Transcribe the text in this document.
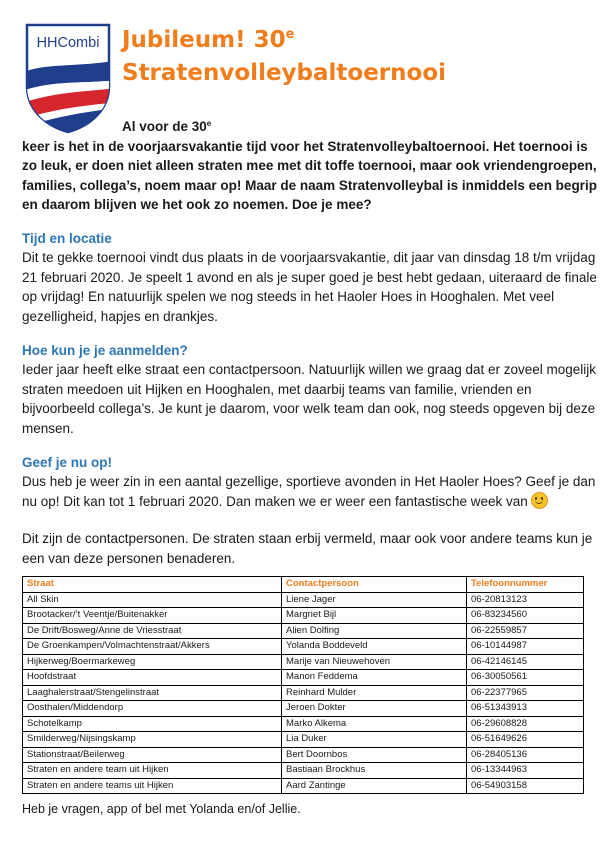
HHCombi Jubileum! 30e
Stratenvolleybaltoernooi

Al voor de 30e
keer is het in de voorjaarsvakantie tijd voor het Stratenvolleybaltoernooi. Het toernooi is zo leuk, er doen niet alleen straten mee met dit toffe toernooi, maar ook vriendengroepen, families, collega’s, noem maar op! Maar de naam Stratenvolleybal is inmiddels een begrip en daarom blijven we het ook zo noemen. Doe je mee?

Tijd en locatie

Dit te gekke toernooi vindt dus plaats in de voorjaarsvakantie, dit jaar van dinsdag 18 t/m vrijdag 21 februari 2020. Je speelt 1 avond en als je super goed je best hebt gedaan, uiteraard de finale op vrijdag! En natuurlijk spelen we nog steeds in het Haoler Hoes in Hooghalen. Met veel gezelligheid, hapjes en drankjes.

Hoe kun je je aanmelden?

Ieder jaar heeft elke straat een contactpersoon. Natuurlijk willen we graag dat er zoveel mogelijk straten meedoen uit Hijken en Hooghalen, met daarbij teams van familie, vrienden en bijvoorbeeld collega’s. Je kunt je daarom, voor welk team dan ook, nog steeds opgeven bij deze mensen.

Geef je nu op!

Dus heb je weer zin in een aantal gezellige, sportieve avonden in Het Haoler Hoes? Geef je dan nu op! Dit kan tot 1 februari 2020. Dan maken we er weer een fantastische week van

Dit zijn de contactpersonen. De straten staan erbij vermeld, maar ook voor andere teams kun je een van deze personen benaderen.

Straat	Contactpersoon	Telefoonnummer
All Skin	Liene Jager	06-20813123
Brootacker/’t Veentje/Buitenakker	Margriet Bijl	06-83234560
De Drift/Bosweg/Anne de Vriesstraat	Alien Dolfing	06-22559857
De Groenkampen/Volmachtenstraat/Akkers	Yolanda Boddeveld	06-10144987
Hijkerweg/Boermarkeweg	Marije van Nieuwehoven	06-42146145
Hoofdstraat	Manon Feddema	06-30050561
Laaghalerstraat/Stengelinstraat	Reinhard Mulder	06-22377965
Oosthalen/Middendorp	Jeroen Dokter	06-51343913
Schotelkamp	Marko Alkema	06-29608828
Smilderweg/Nijsingskamp	Lia Duker	06-51649626
Stationstraat/Beilerweg	Bert Doornbos	06-28405136
Straten en andere team uit Hijken	Bastiaan Brockhus	06-13344963
Straten en andere teams uit Hijken	Aard Zantinge	06-54903158

Heb je vragen, app of bel met Yolanda en/of Jellie.
